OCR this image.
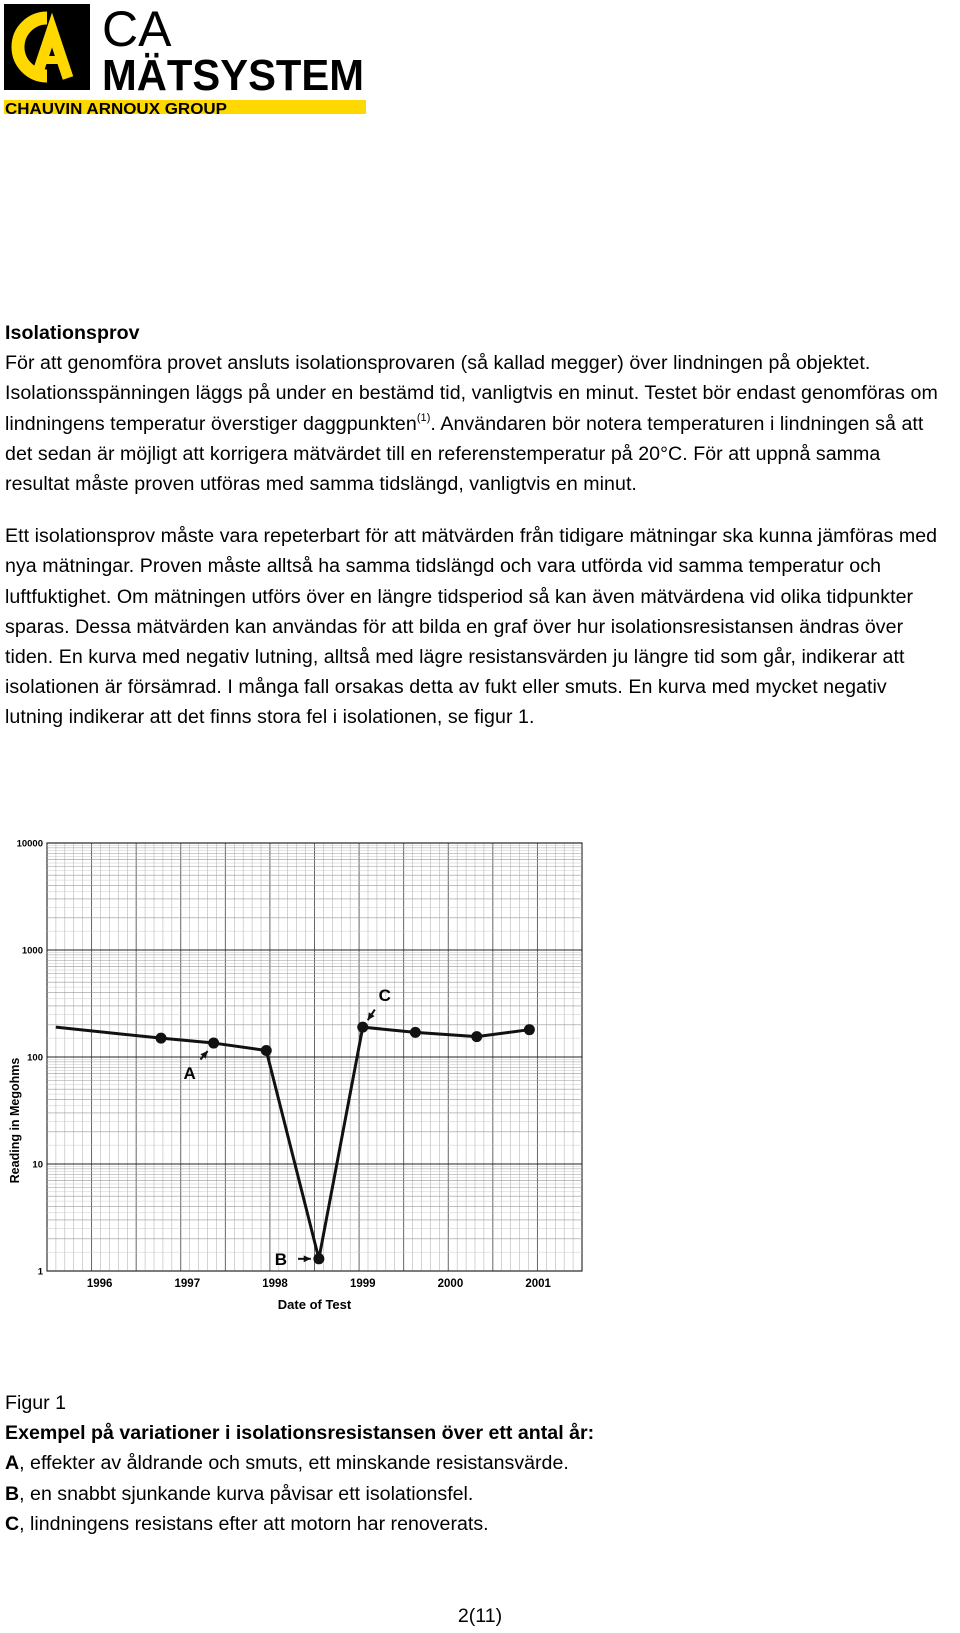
CA
MÄTSYSTEM
CHAUVIN ARNOUX GROUP

Isolationsprov

För att genomföra provet ansluts isolationsprovaren (så kallad megger) över lindningen på objektet. Isolationsspänningen läggs på under en bestämd tid, vanligtvis en minut. Testet bör endast genomföras om lindningens temperatur överstiger daggpunkten$^{(1)}$. Användaren bör notera temperaturen i lindningen så att det sedan är möjligt att korrigera mätvärdet till en referenstemperatur på 20°C. För att uppnå samma resultat måste proven utföras med samma tidslängd, vanligtvis en minut.

Ett isolationsprov måste vara repeterbart för att mätvärden från tidigare mätningar ska kunna jämföras med nya mätningar. Proven måste alltså ha samma tidslängd och vara utförda vid samma temperatur och luftfuktighet. Om mätningen utförs över en längre tidsperiod så kan även mätvärdena vid olika tidpunkter sparas. Dessa mätvärden kan användas för att bilda en graf över hur isolationsresistansen ändras över tiden. En kurva med negativ lutning, alltså med lägre resistansvärden ju längre tid som går, indikerar att isolationen är försämrad. I många fall orsakas detta av fukt eller smuts. En kurva med mycket negativ lutning indikerar att det finns stora fel i isolationen, se figur 1.

1
10
100
1000
10000
1996	1997	1998	1999	2000	2001
Reading in Megohms
Date of Test
A
B
C

Figur 1

Exempel på variationer i isolationsresistansen över ett antal år:

A, effekter av åldrande och smuts, ett minskande resistansvärde.

B, en snabbt sjunkande kurva påvisar ett isolationsfel.

C, lindningens resistans efter att motorn har renoverats.

2(11)
